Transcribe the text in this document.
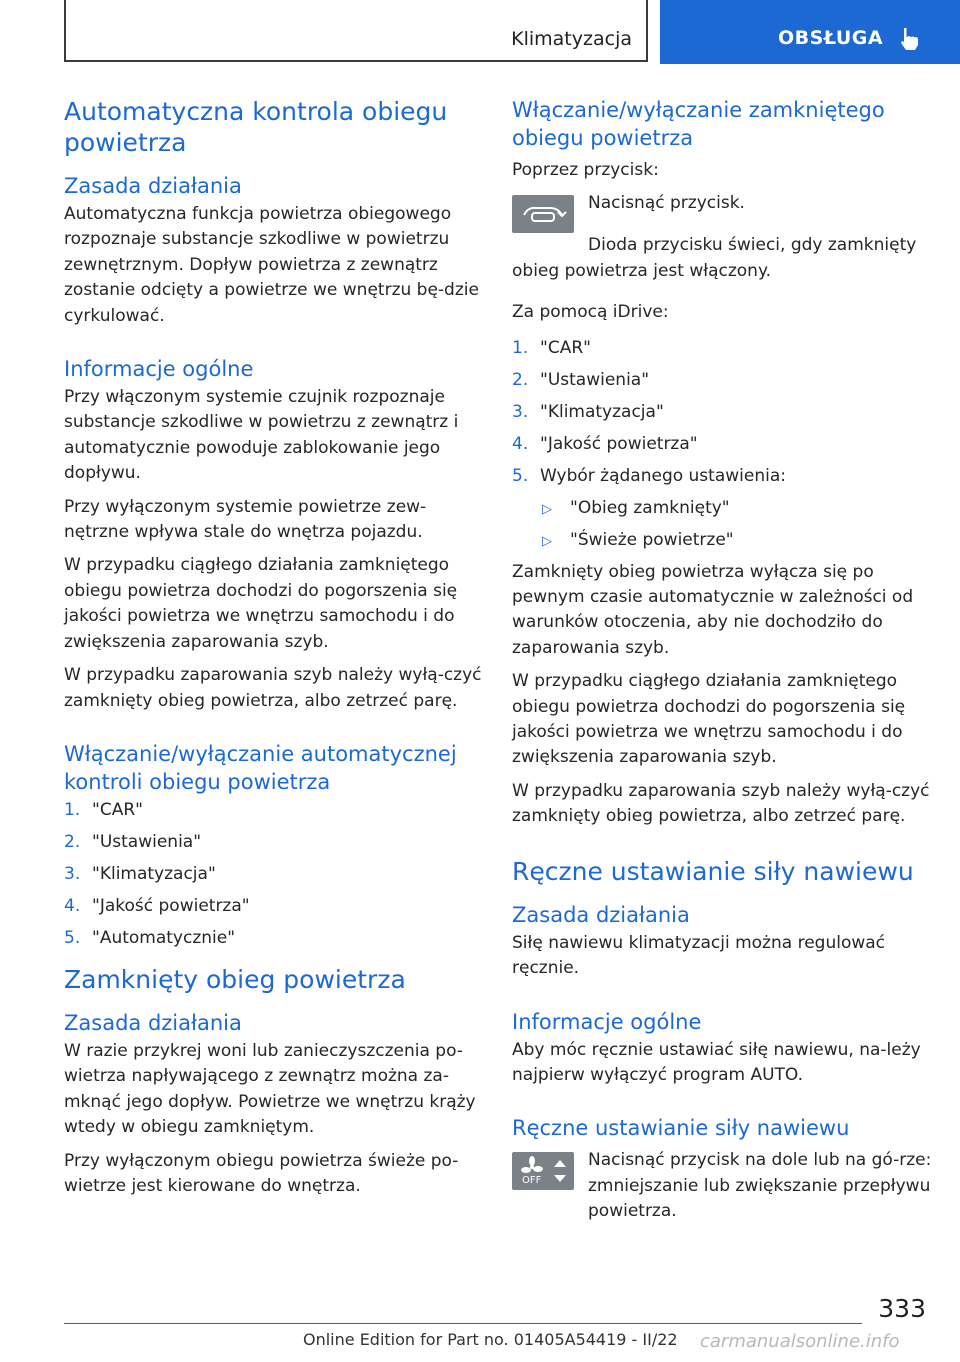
Klimatyzacja	OBSŁUGA
Automatyczna kontrola obiegu powietrza
Zasada działania

Automatyczna funkcja powietrza obiegowego rozpoznaje substancje szkodliwe w powietrzu zewnętrznym. Dopływ powietrza z zewnątrz zostanie odcięty a powietrze we wnętrzu bę-dzie cyrkulować.

Informacje ogólne

Przy włączonym systemie czujnik rozpoznaje substancje szkodliwe w powietrzu z zewnątrz i automatycznie powoduje zablokowanie jego dopływu.

Przy wyłączonym systemie powietrze zew-nętrzne wpływa stale do wnętrza pojazdu.

W przypadku ciągłego działania zamkniętego obiegu powietrza dochodzi do pogorszenia się jakości powietrza we wnętrzu samochodu i do zwiększenia zaparowania szyb.

W przypadku zaparowania szyb należy wyłą-czyć zamknięty obieg powietrza, albo zetrzeć parę.

Włączanie/wyłączanie automatycznej kontroli obiegu powietrza
1. "CAR"
2. "Ustawienia"
3. "Klimatyzacja"
4. "Jakość powietrza"
5. "Automatycznie"
Zamknięty obieg powietrza
Zasada działania

W razie przykrej woni lub zanieczyszczenia po-wietrza napływającego z zewnątrz można za-mknąć jego dopływ. Powietrze we wnętrzu krąży wtedy w obiegu zamkniętym.

Przy wyłączonym obiegu powietrza świeże po-wietrze jest kierowane do wnętrza.

Włączanie/wyłączanie zamkniętego obiegu powietrza

Poprzez przycisk:

Nacisnąć przycisk.

Dioda przycisku świeci, gdy zamknięty obieg powietrza jest włączony.

Za pomocą iDrive:

1. "CAR"
2. "Ustawienia"
3. "Klimatyzacja"
4. "Jakość powietrza"
5. Wybór żądanego ustawienia:
▷ "Obieg zamknięty"
▷ "Świeże powietrze"

Zamknięty obieg powietrza wyłącza się po pewnym czasie automatycznie w zależności od warunków otoczenia, aby nie dochodziło do zaparowania szyb.

W przypadku ciągłego działania zamkniętego obiegu powietrza dochodzi do pogorszenia się jakości powietrza we wnętrzu samochodu i do zwiększenia zaparowania szyb.

W przypadku zaparowania szyb należy wyłą-czyć zamknięty obieg powietrza, albo zetrzeć parę.

Ręczne ustawianie siły nawiewu
Zasada działania

Siłę nawiewu klimatyzacji można regulować ręcznie.

Informacje ogólne

Aby móc ręcznie ustawiać siłę nawiewu, na-leży najpierw wyłączyć program AUTO.

Ręczne ustawianie siły nawiewu
OFF

Nacisnąć przycisk na dole lub na gó-rze: zmniejszanie lub zwiększanie przepływu powietrza.

333
Online Edition for Part no. 01405A54419 - II/22 carmanualsonline.info
